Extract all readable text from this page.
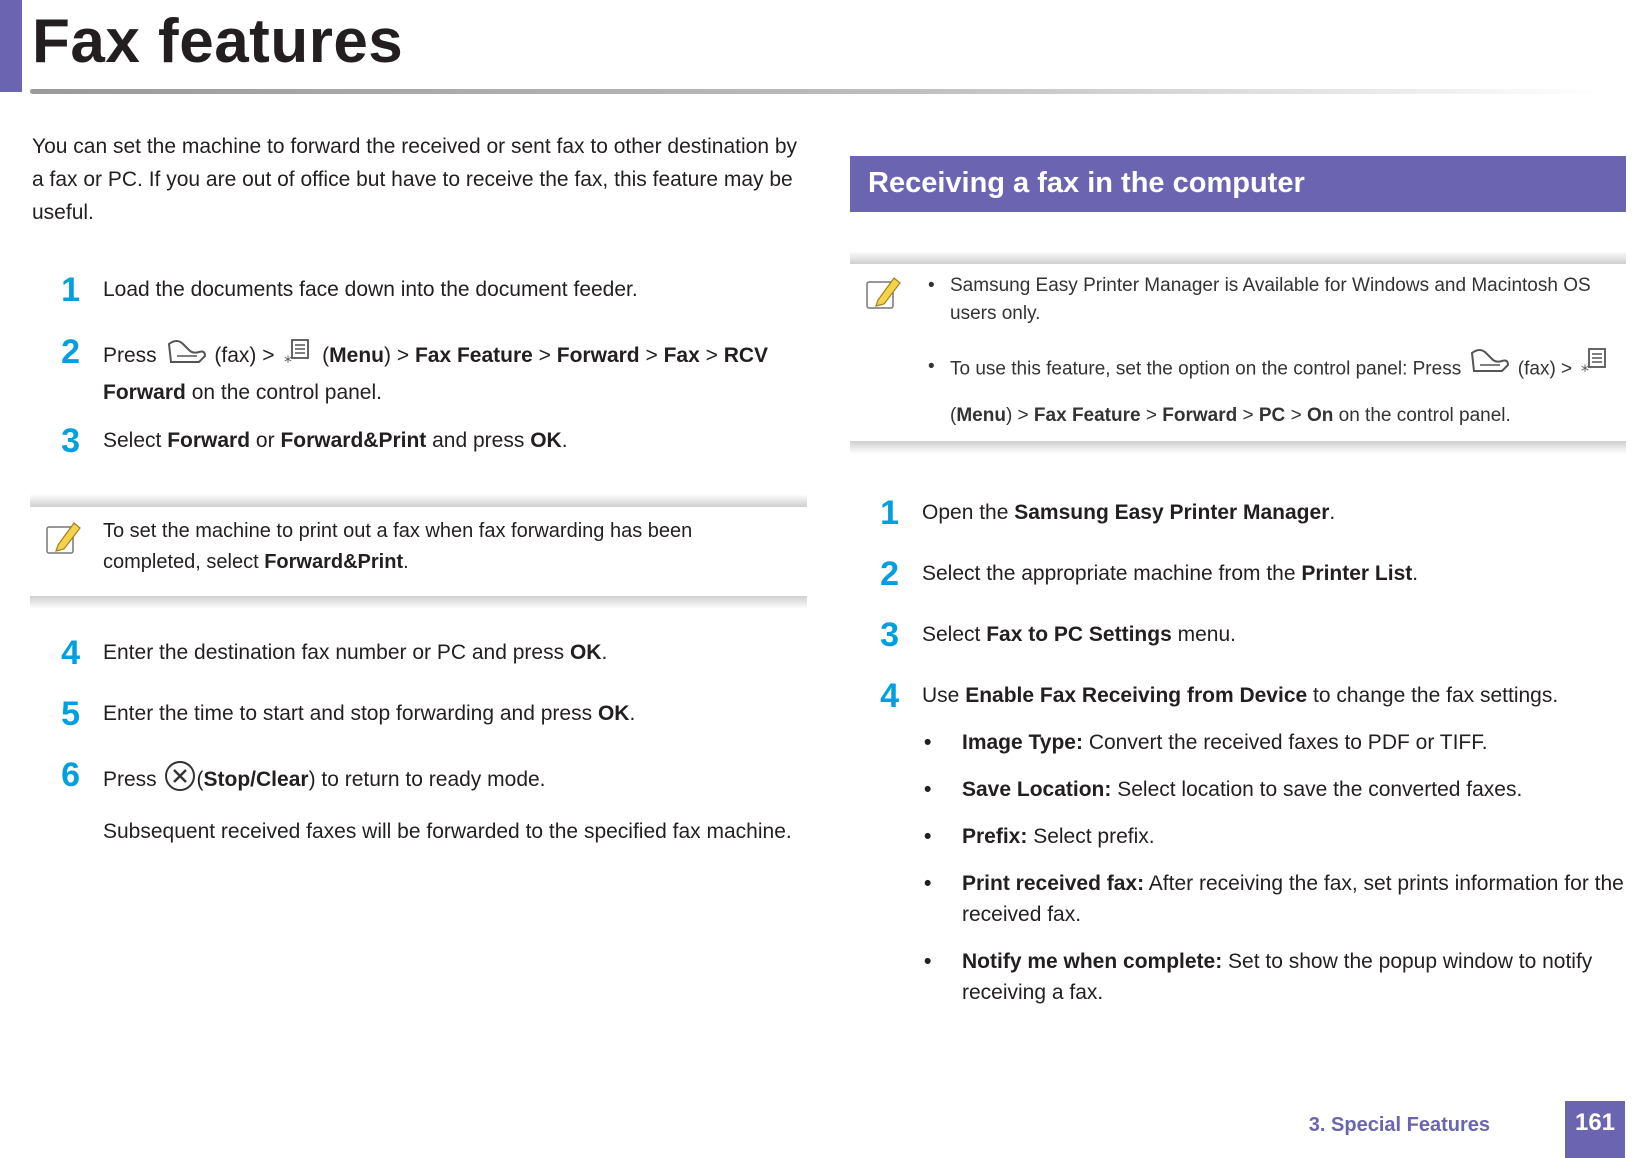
Fax features
You can set the machine to forward the received or sent fax to other destination by a fax or PC. If you are out of office but have to receive the fax, this feature may be useful.
1 Load the documents face down into the document feeder.
2 Press	(fax) > * (Menu) > Fax Feature > Forward > Fax > RCV Forward on the control panel.
3 Select Forward or Forward&Print and press OK.
To set the machine to print out a fax when fax forwarding has been completed, select Forward&Print.
4 Enter the destination fax number or PC and press OK.
5 Enter the time to start and stop forwarding and press OK.
6 Press (Stop/Clear) to return to ready mode.
Subsequent received faxes will be forwarded to the specified fax machine.
Receiving a fax in the computer
• Samsung Easy Printer Manager is Available for Windows and Macintosh OS users only.
• To use this feature, set the option on the control panel: Press	(fax) > *
(Menu) > Fax Feature > Forward > PC > On on the control panel.
1 Open the Samsung Easy Printer Manager.
2 Select the appropriate machine from the Printer List.
3 Select Fax to PC Settings menu.
4 Use Enable Fax Receiving from Device to change the fax settings.
• Image Type: Convert the received faxes to PDF or TIFF.
• Save Location: Select location to save the converted faxes.
• Prefix: Select prefix.
• Print received fax: After receiving the fax, set prints information for the received fax.
• Notify me when complete: Set to show the popup window to notify receiving a fax.
3. Special Features	161
